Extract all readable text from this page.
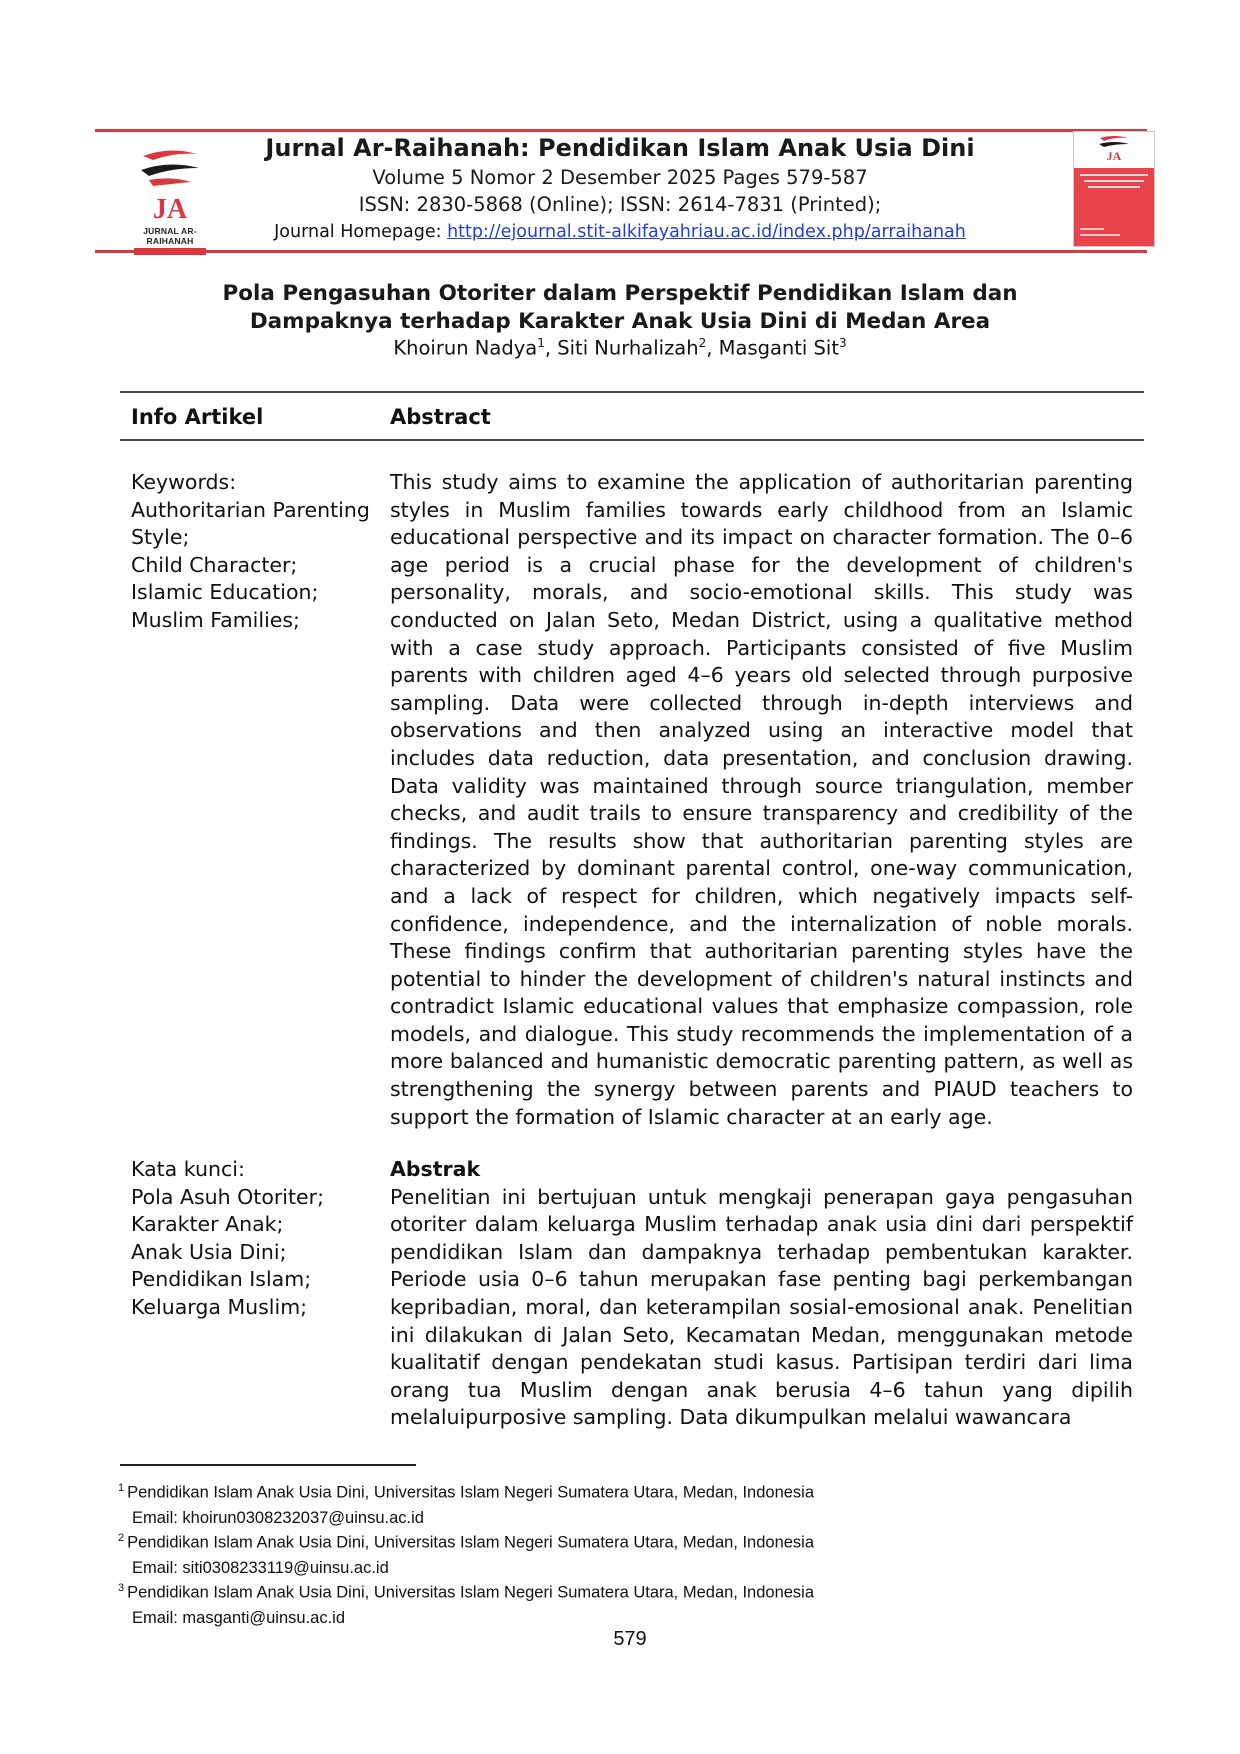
JA
JURNAL AR-RAIHANAH
Jurnal Ar-Raihanah: Pendidikan Islam Anak Usia Dini
Volume 5 Nomor 2 Desember 2025 Pages 579-587
ISSN: 2830-5868 (Online); ISSN: 2614-7831 (Printed);
Journal Homepage: http://ejournal.stit-alkifayahriau.ac.id/index.php/arraihanah
JA
Pola Pengasuhan Otoriter dalam Perspektif Pendidikan Islam dan
Dampaknya terhadap Karakter Anak Usia Dini di Medan Area
Khoirun Nadya$^1$, Siti Nurhalizah$^2$, Masganti Sit$^3$
Info Artikel	Abstract
Keywords:
Authoritarian Parenting
Style;
Child Character;
Islamic Education;
Muslim Families;

This study aims to examine the application of authoritarian parenting styles in Muslim families towards early childhood from an Islamic educational perspective and its impact on character formation. The 0–6 age period is a crucial phase for the development of children's personality, morals, and socio-emotional skills. This study was conducted on Jalan Seto, Medan District, using a qualitative method with a case study approach. Participants consisted of five Muslim parents with children aged 4–6 years old selected through purposive sampling. Data were collected through in-depth interviews and observations and then analyzed using an interactive model that includes data reduction, data presentation, and conclusion drawing. Data validity was maintained through source triangulation, member checks, and audit trails to ensure transparency and credibility of the findings. The results show that authoritarian parenting styles are characterized by dominant parental control, one-way communication, and a lack of respect for children, which negatively impacts self-confidence, independence, and the internalization of noble morals. These findings confirm that authoritarian parenting styles have the potential to hinder the development of children's natural instincts and contradict Islamic educational values that emphasize compassion, role models, and dialogue. This study recommends the implementation of a more balanced and humanistic democratic parenting pattern, as well as strengthening the synergy between parents and PIAUD teachers to support the formation of Islamic character at an early age.

Kata kunci:
Pola Asuh Otoriter;
Karakter Anak;
Anak Usia Dini;
Pendidikan Islam;
Keluarga Muslim;

Abstrak

Penelitian ini bertujuan untuk mengkaji penerapan gaya pengasuhan otoriter dalam keluarga Muslim terhadap anak usia dini dari perspektif pendidikan Islam dan dampaknya terhadap pembentukan karakter. Periode usia 0–6 tahun merupakan fase penting bagi perkembangan kepribadian, moral, dan keterampilan sosial-emosional anak. Penelitian ini dilakukan di Jalan Seto, Kecamatan Medan, menggunakan metode kualitatif dengan pendekatan studi kasus. Partisipan terdiri dari lima orang tua Muslim dengan anak berusia 4–6 tahun yang dipilih melaluipurposive sampling. Data dikumpulkan melalui wawancara

$^1$ Pendidikan Islam Anak Usia Dini, Universitas Islam Negeri Sumatera Utara, Medan, Indonesia
Email: khoirun0308232037@uinsu.ac.id
$^2$ Pendidikan Islam Anak Usia Dini, Universitas Islam Negeri Sumatera Utara, Medan, Indonesia
Email: siti0308233119@uinsu.ac.id
$^3$ Pendidikan Islam Anak Usia Dini, Universitas Islam Negeri Sumatera Utara, Medan, Indonesia
Email: masganti@uinsu.ac.id
579
